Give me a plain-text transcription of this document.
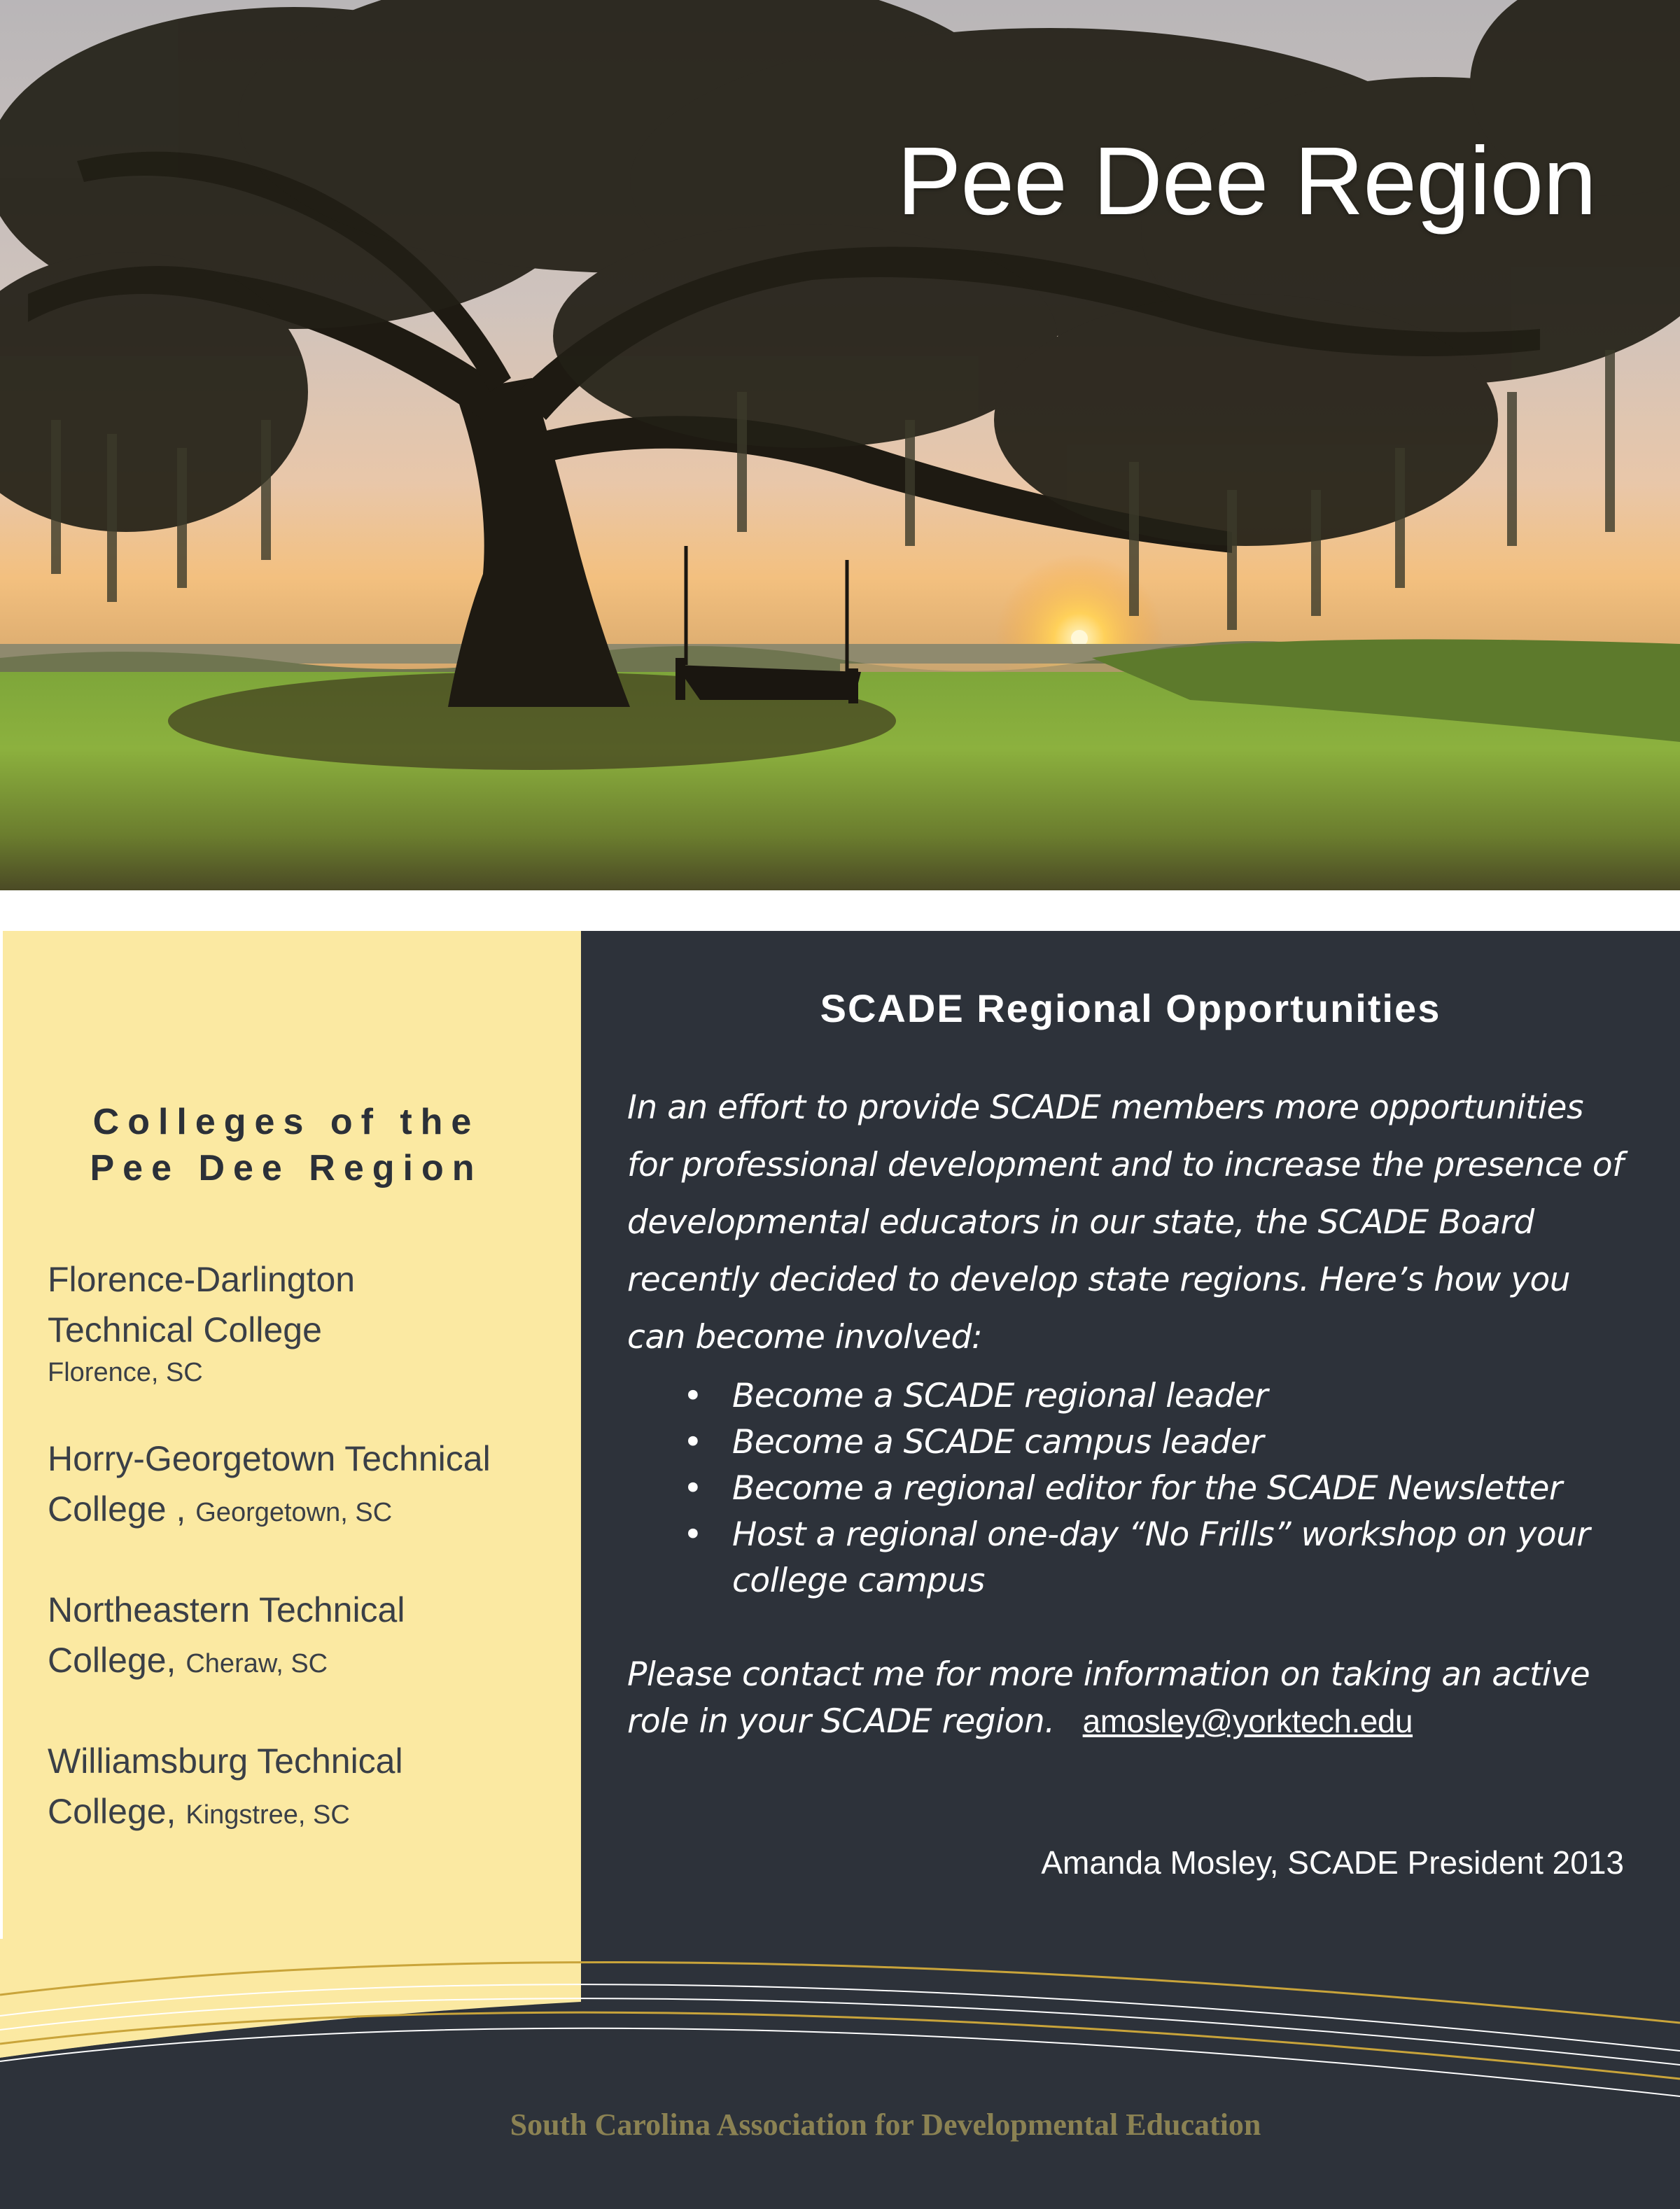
Pee Dee Region
Colleges of the
Pee Dee Region
Florence-Darlington
Technical College
Florence, SC
Horry-Georgetown Technical
College , Georgetown, SC
Northeastern Technical
College, Cheraw, SC
Williamsburg Technical
College, Kingstree, SC
SCADE Regional Opportunities

In an effort to provide SCADE members more opportunities
for professional development and to increase the presence of
developmental educators in our state, the SCADE Board
recently decided to develop state regions. Here’s how you
can become involved:

• Become a SCADE regional leader
• Become a SCADE campus leader
• Become a regional editor for the SCADE Newsletter
• Host a regional one-day “No Frills” workshop on your college campus

Please contact me for more information on taking an active
role in your SCADE region. amosley@yorktech.edu

Amanda Mosley, SCADE President 2013

South Carolina Association for Developmental Education
